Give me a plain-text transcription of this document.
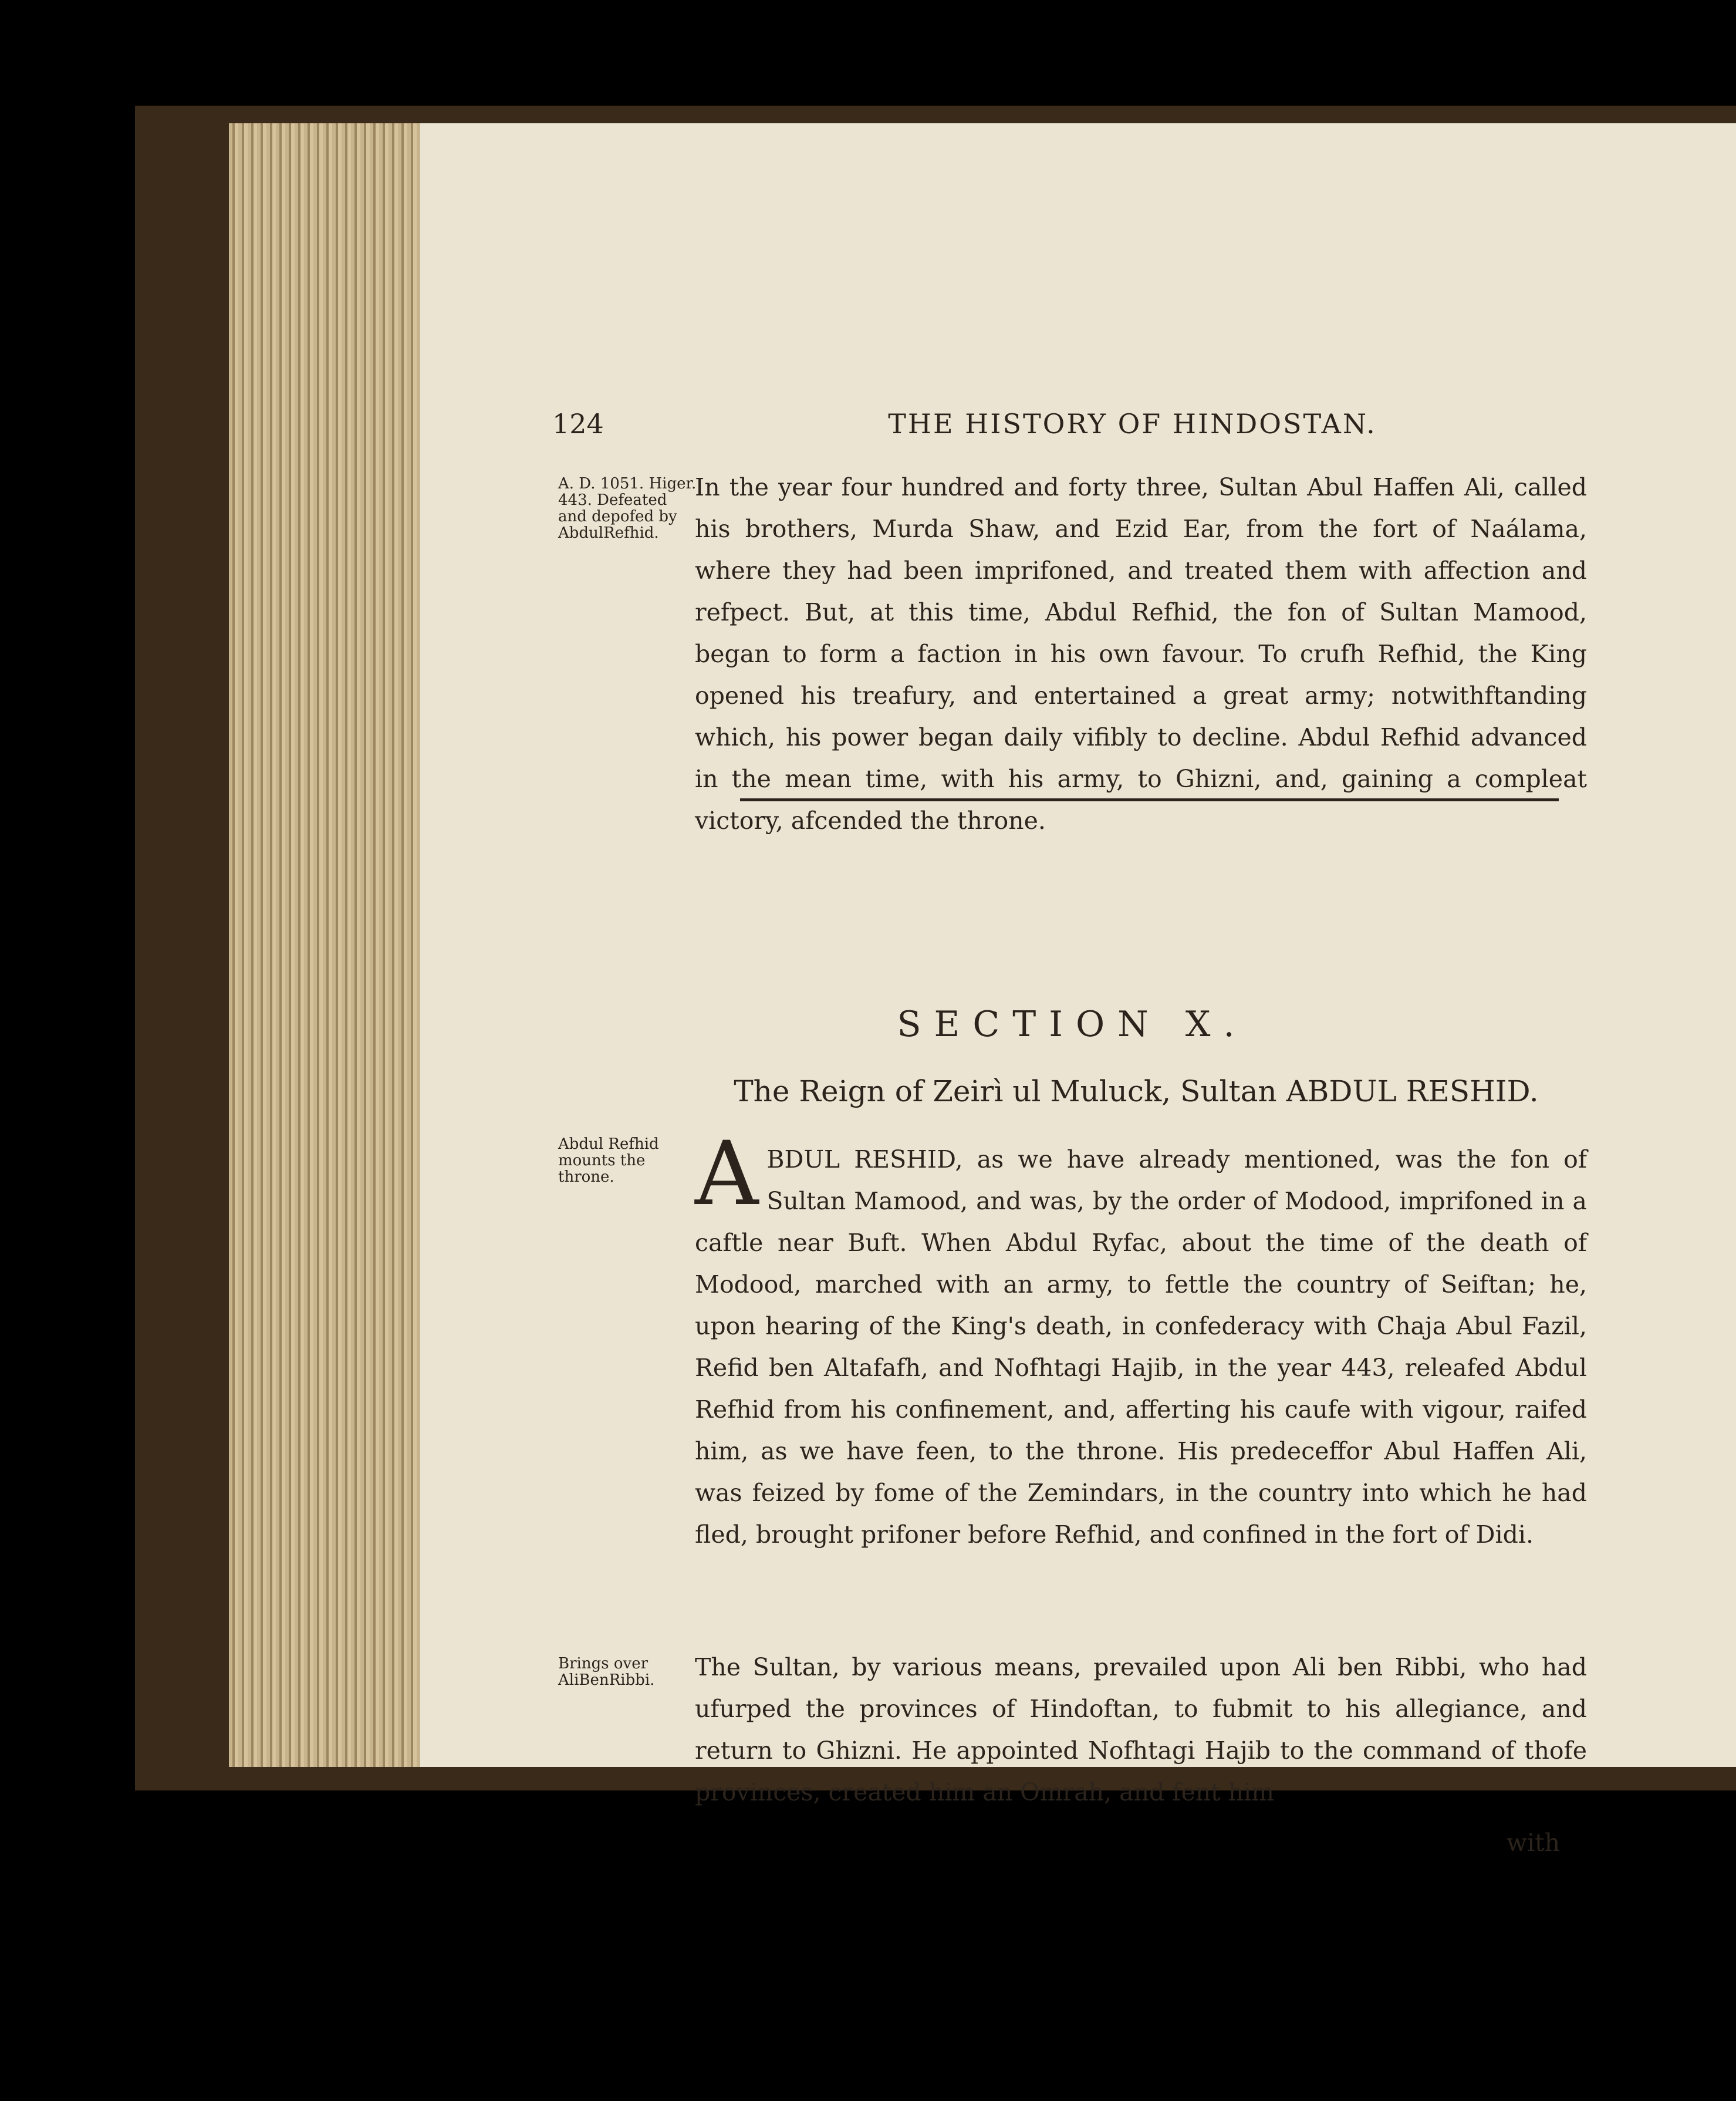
124	THE HISTORY OF HINDOSTAN.
A. D. 1051. Higer. 443. Defeated and depofed by AbdulRefhid.
In the year four hundred and forty three, Sultan Abul Haffen Ali, called his brothers, Murda Shaw, and Ezid Ear, from the fort of Naálama, where they had been imprifoned, and treated them with affection and refpect. But, at this time, Abdul Refhid, the fon of Sultan Mamood, began to form a faction in his own favour. To crufh Refhid, the King opened his treafury, and entertained a great army; notwithftanding which, his power began daily vifibly to decline. Abdul Refhid advanced in the mean time, with his army, to Ghizni, and, gaining a compleat victory, afcended the throne.
SECTION X.
The Reign of Zeirì ul Muluck, Sultan ABDUL RESHID.
Abdul Refhid mounts the throne. A BDUL RESHID, as we have already mentioned, was the fon of Sultan Mamood, and was, by the order of Modood, imprifoned in a caftle near Buft. When Abdul Ryfac, about the time of the death of Modood, marched with an army, to fettle the country of Seiftan; he, upon hearing of the King's death, in confederacy with Chaja Abul Fazil, Refid ben Altafafh, and Nofhtagi Hajib, in the year 443, releafed Abdul Refhid from his confinement, and, afferting his caufe with vigour, raifed him, as we have feen, to the throne. His predeceffor Abul Haffen Ali, was feized by fome of the Zemindars, in the country into which he had fled, brought prifoner before Refhid, and confined in the fort of Didi.
Brings over AliBenRibbi.	The Sultan, by various means, prevailed upon Ali ben Ribbi, who had ufurped the provinces of Hindoftan, to fubmit to his allegiance, and return to Ghizni. He appointed Nofhtagi Hajib to the command of thofe provinces, created him an Omrah, and fent him
with
